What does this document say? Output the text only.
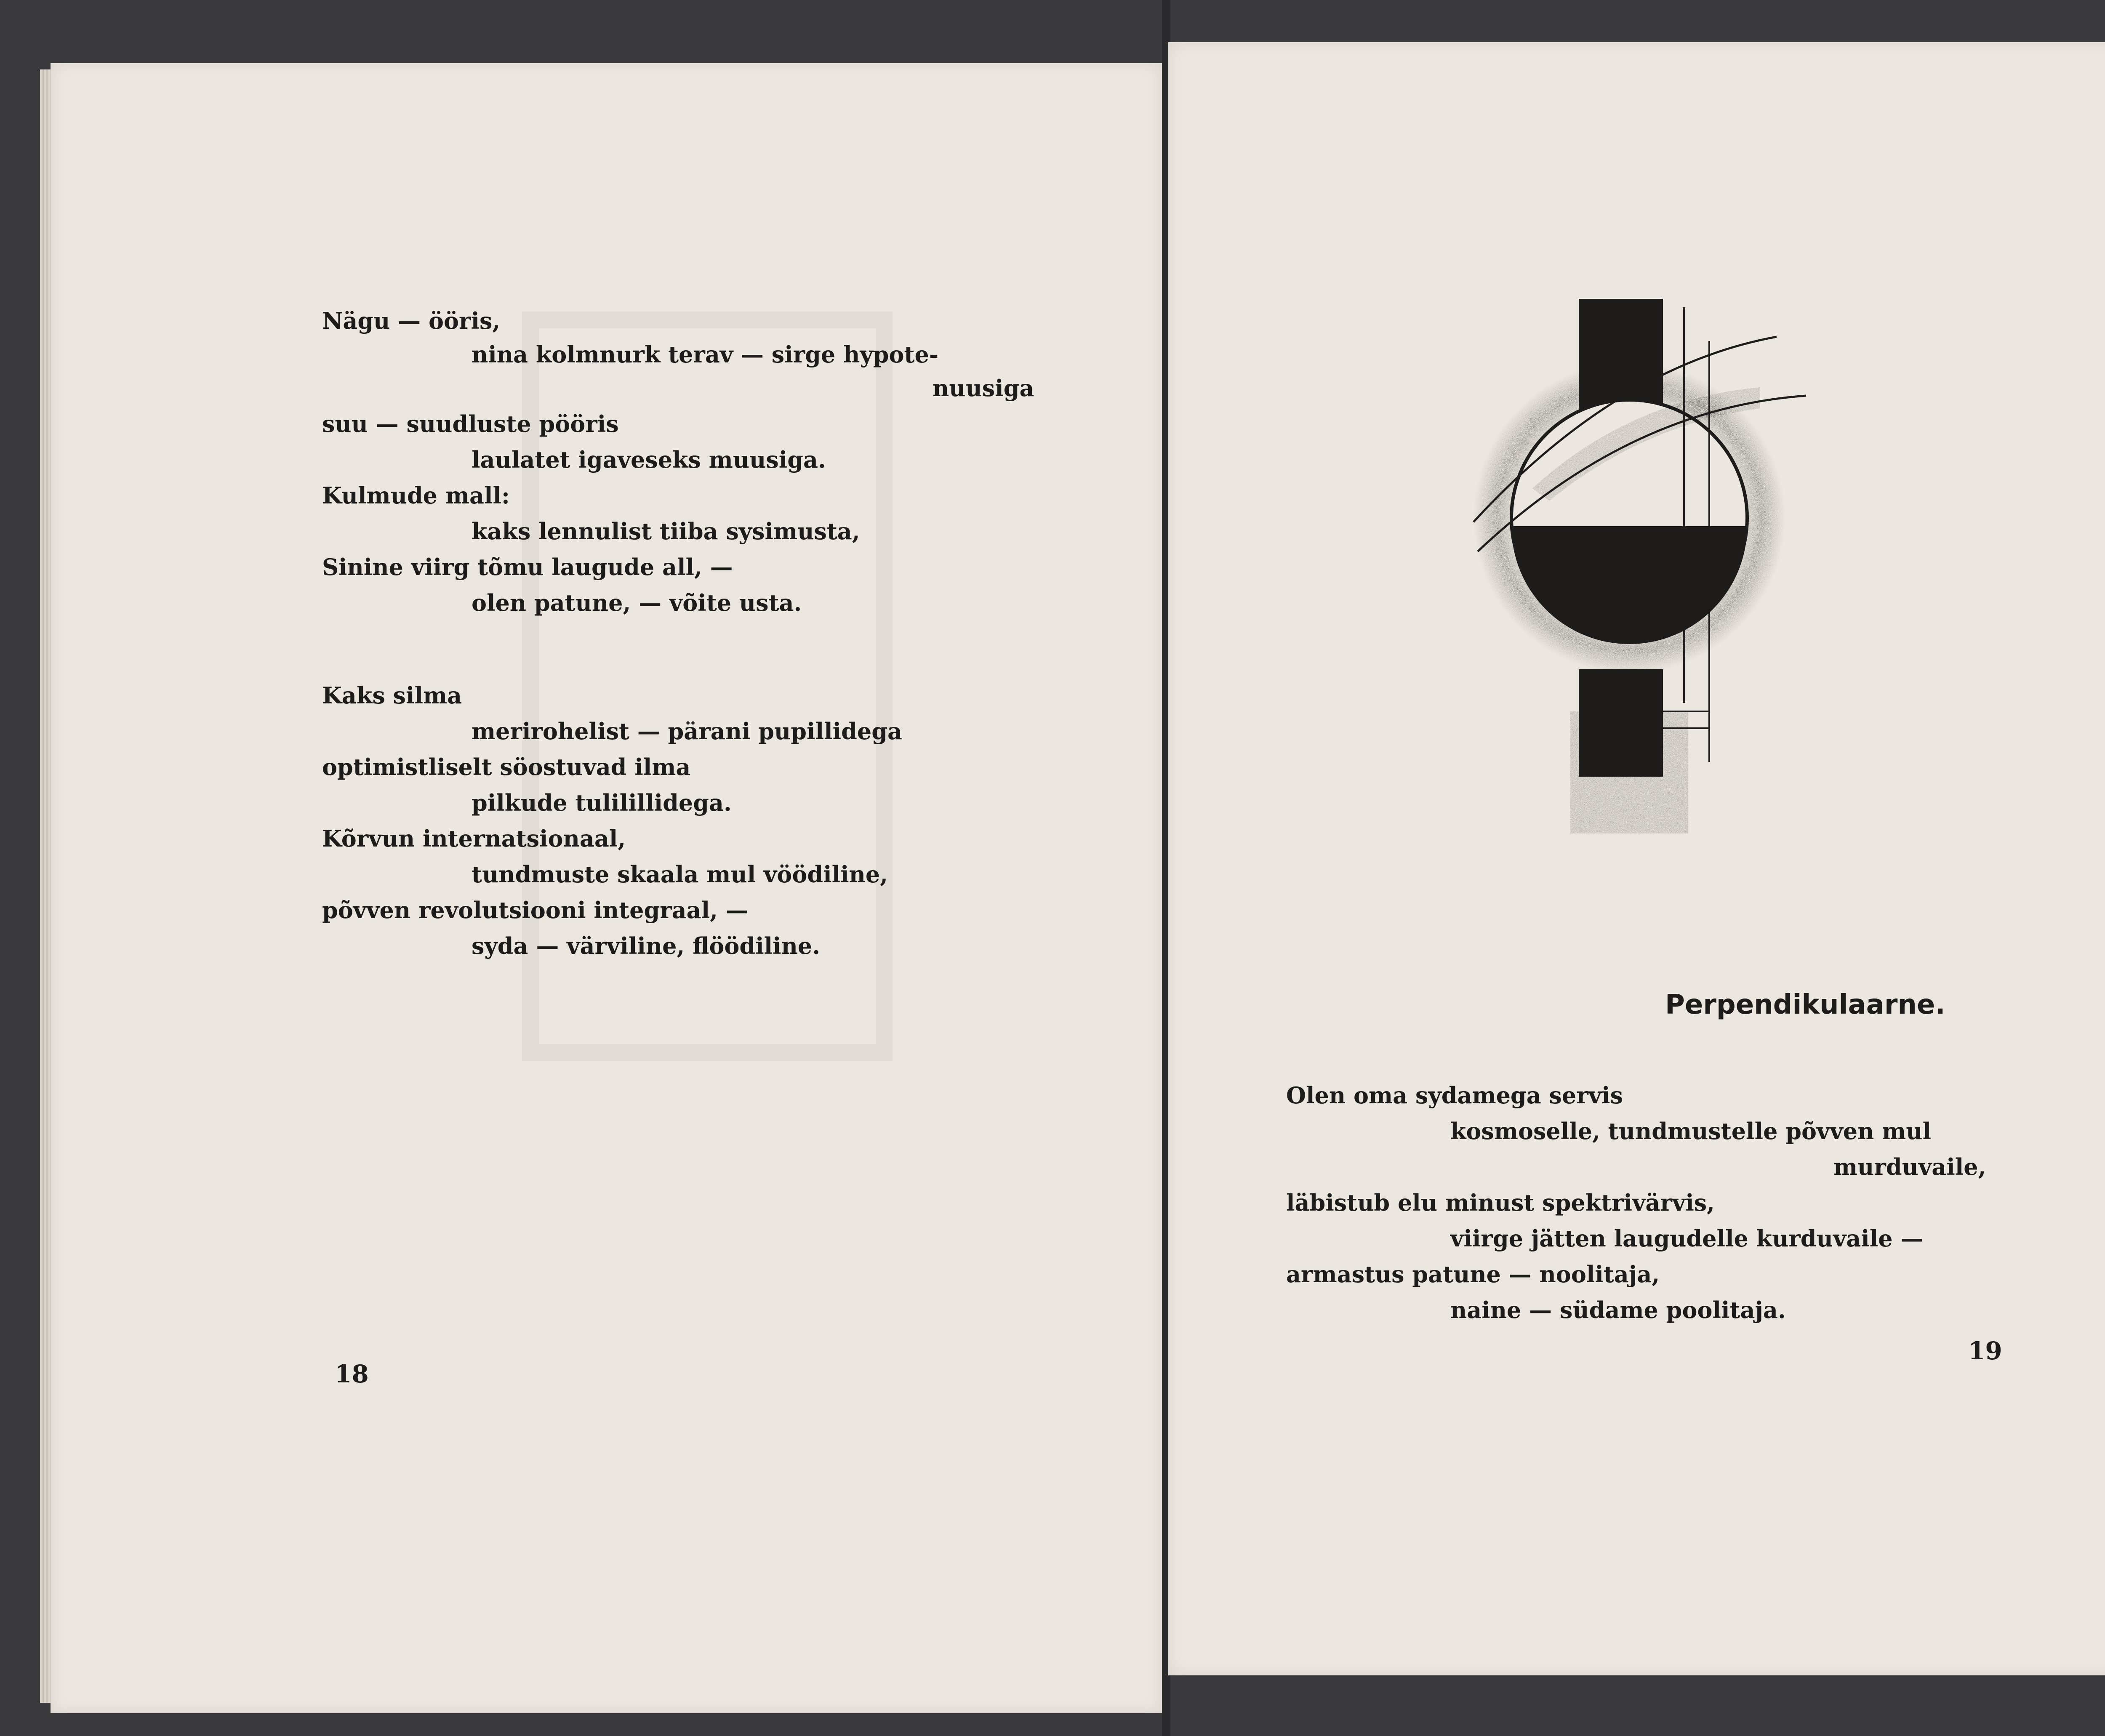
Nägu — ööris,
nina kolmnurk terav — sirge hypote-
nuusiga
suu — suudluste pööris
laulatet igaveseks muusiga.
Kulmude mall:
kaks lennulist tiiba sysimusta,
Sinine viirg tõmu laugude all, —
olen patune, — võite usta.
Kaks silma
merirohelist — pärani pupillidega
optimistliselt söostuvad ilma
pilkude tulilillidega.
Kõrvun internatsionaal,
tundmuste skaala mul vöödiline,
põvven revolutsiooni integraal, —
syda — värviline, flöödiline.
18
Perpendikulaarne.
Olen oma sydamega servis
kosmoselle, tundmustelle põvven mul
murduvaile,
läbistub elu minust spektrivärvis,
viirge jätten laugudelle kurduvaile —
armastus patune — noolitaja,
naine — südame poolitaja.
19
